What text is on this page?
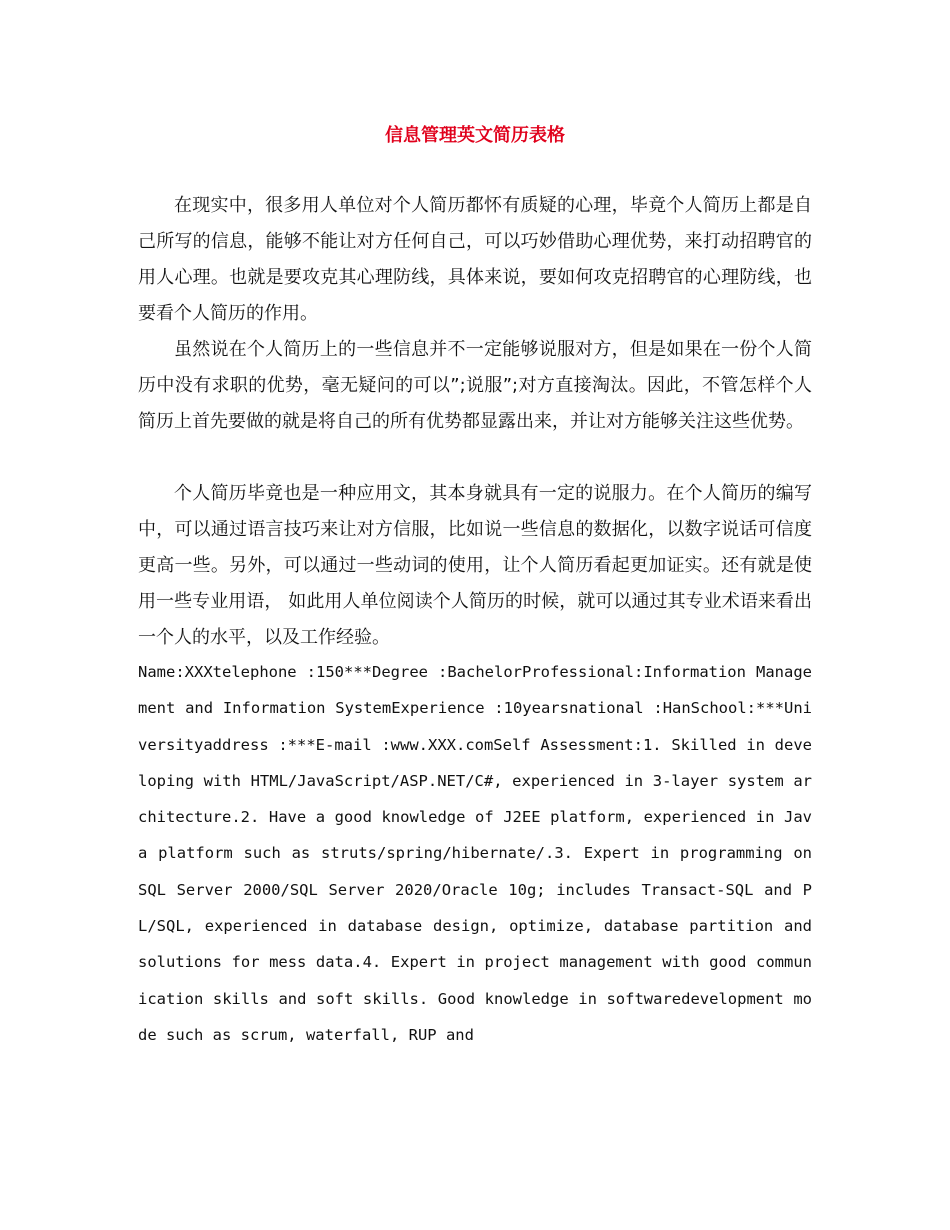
信息管理英文简历表格

在现实中，很多用人单位对个人简历都怀有质疑的心理，毕竟个人简历上都是自己所写的信息，能够不能让对方任何自己，可以巧妙借助心理优势，来打动招聘官的用人心理。也就是要攻克其心理防线，具体来说，要如何攻克招聘官的心理防线，也要看个人简历的作用。

虽然说在个人简历上的一些信息并不一定能够说服对方，但是如果在一份个人简历中没有求职的优势，毫无疑问的可以”;说服”;对方直接淘汰。因此，不管怎样个人简历上首先要做的就是将自己的所有优势都显露出来，并让对方能够关注这些优势。

个人简历毕竟也是一种应用文，其本身就具有一定的说服力。在个人简历的编写中，可以通过语言技巧来让对方信服，比如说一些信息的数据化，以数字说话可信度更高一些。另外，可以通过一些动词的使用，让个人简历看起更加证实。还有就是使用一些专业用语， 如此用人单位阅读个人简历的时候，就可以通过其专业术语来看出一个人的水平，以及工作经验。

Name:XXXtelephone :150***Degree :BachelorProfessional:Information Management and Information SystemExperience :10yearsnational :HanSchool:***Universityaddress :***E-mail :www.XXX.comSelf Assessment:1. Skilled in developing with HTML/JavaScript/ASP.NET/C#, experienced in 3-layer system architecture.2. Have a good knowledge of J2EE platform, experienced in Java platform such as struts/spring/hibernate/.3. Expert in programming on SQL Server 2000/SQL Server 2020/Oracle 10g; includes Transact-SQL and PL/SQL, experienced in database design, optimize, database partition and solutions for mess data.4. Expert in project management with good communication skills and soft skills. Good knowledge in softwaredevelopment mode such as scrum, waterfall, RUP and
